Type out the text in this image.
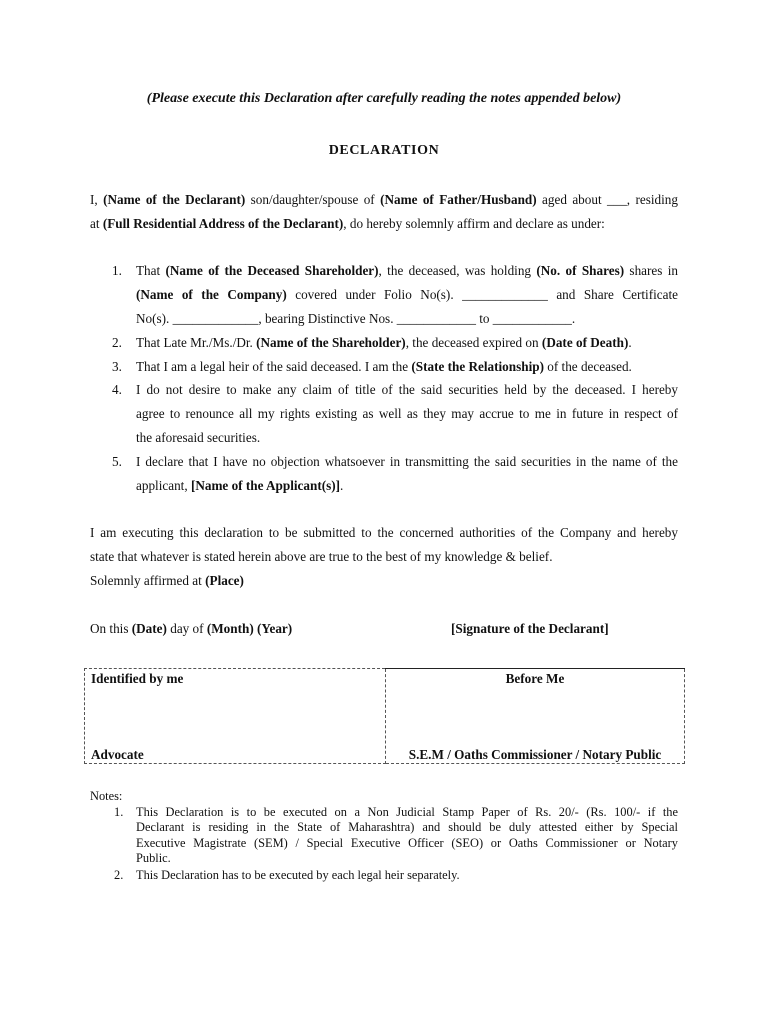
(Please execute this Declaration after carefully reading the notes appended below)
DECLARATION
I, (Name of the Declarant) son/daughter/spouse of (Name of Father/Husband) aged about ___, residing
at (Full Residential Address of the Declarant), do hereby solemnly affirm and declare as under:
1. That (Name of the Deceased Shareholder), the deceased, was holding (No. of Shares) shares in
(Name of the Company) covered under Folio No(s). _____________ and Share Certificate
No(s). _____________, bearing Distinctive Nos. ____________ to ____________.
2. That Late Mr./Ms./Dr. (Name of the Shareholder), the deceased expired on (Date of Death).
3. That I am a legal heir of the said deceased. I am the (State the Relationship) of the deceased.
4. I do not desire to make any claim of title of the said securities held by the deceased. I hereby
agree to renounce all my rights existing as well as they may accrue to me in future in respect of
the aforesaid securities.
5. I declare that I have no objection whatsoever in transmitting the said securities in the name of the
applicant, [Name of the Applicant(s)].
I am executing this declaration to be submitted to the concerned authorities of the Company and hereby
state that whatever is stated herein above are true to the best of my knowledge & belief.
Solemnly affirmed at (Place)
On this (Date) day of (Month) (Year)	[Signature of the Declarant]
Identified by me
Advocate

Before Me
S.E.M / Oaths Commissioner / Notary Public
Notes:
1. This Declaration is to be executed on a Non Judicial Stamp Paper of Rs. 20/- (Rs. 100/- if the
Declarant is residing in the State of Maharashtra) and should be duly attested either by Special
Executive Magistrate (SEM) / Special Executive Officer (SEO) or Oaths Commissioner or Notary
Public.
2. This Declaration has to be executed by each legal heir separately.
